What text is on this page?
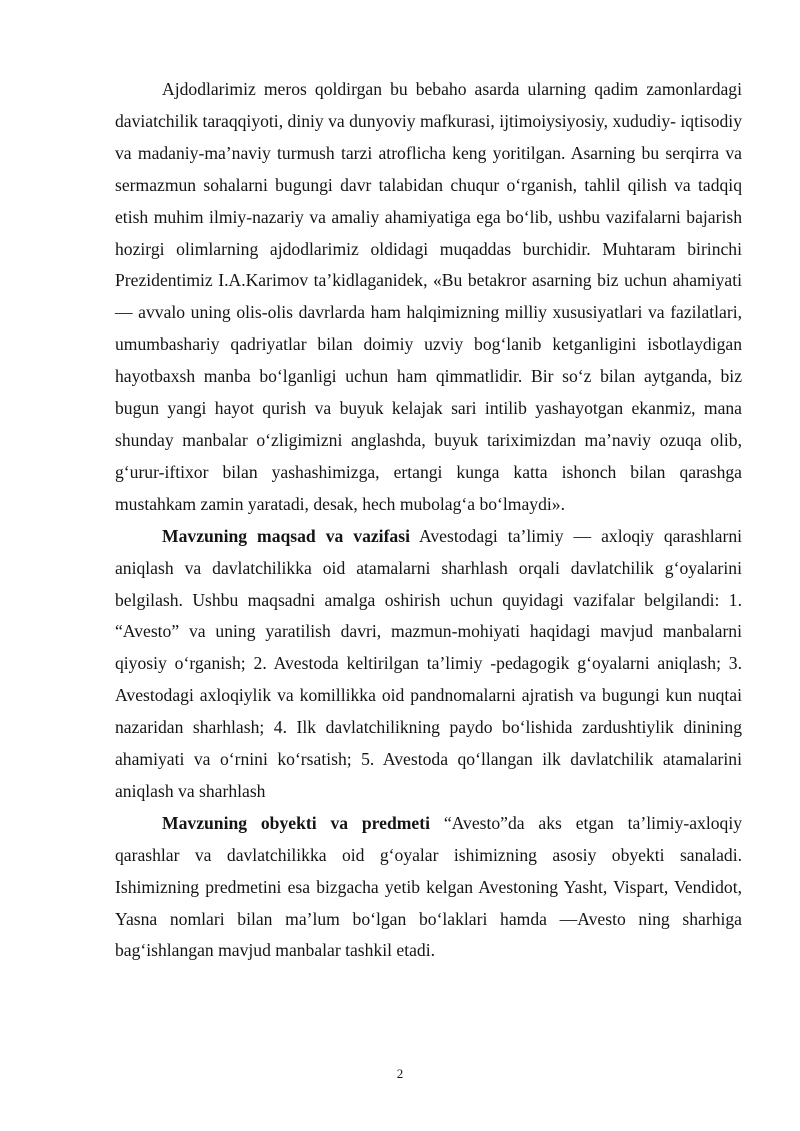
Ajdodlarimiz meros qoldirgan bu bebaho asarda ularning qadim zamonlardagi daviatchilik taraqqiyoti, diniy va dunyoviy mafkurasi, ijtimoiysiyosiy, xududiy- iqtisodiy va madaniy-ma’naviy turmush tarzi atroflicha keng yoritilgan. Asarning bu serqirra va sermazmun sohalarni bugungi davr talabidan chuqur o‘rganish, tahlil qilish va tadqiq etish muhim ilmiy-nazariy va amaliy ahamiyatiga ega bo‘lib, ushbu vazifalarni bajarish hozirgi olimlarning ajdodlarimiz oldidagi muqaddas burchidir. Muhtaram birinchi Prezidentimiz I.A.Karimov ta’kidlaganidek, «Bu betakror asarning biz uchun ahamiyati — avvalo uning olis-olis davrlarda ham halqimizning milliy xususiyatlari va fazilatlari, umumbashariy qadriyatlar bilan doimiy uzviy bog‘lanib ketganligini isbotlaydigan hayotbaxsh manba bo‘lganligi uchun ham qimmatlidir. Bir so‘z bilan aytganda, biz bugun yangi hayot qurish va buyuk kelajak sari intilib yashayotgan ekanmiz, mana shunday manbalar o‘zligimizni anglashda, buyuk tariximizdan ma’naviy ozuqa olib, g‘urur-iftixor bilan yashashimizga, ertangi kunga katta ishonch bilan qarashga mustahkam zamin yaratadi, desak, hech mubolag‘a bo‘lmaydi».

Mavzuning maqsad va vazifasi Avestodagi ta’limiy — axloqiy qarashlarni aniqlash va davlatchilikka oid atamalarni sharhlash orqali davlatchilik g‘oyalarini belgilash. Ushbu maqsadni amalga oshirish uchun quyidagi vazifalar belgilandi: 1. “Avesto” va uning yaratilish davri, mazmun-mohiyati haqidagi mavjud manbalarni qiyosiy o‘rganish; 2. Avestoda keltirilgan ta’limiy -pedagogik g‘oyalarni aniqlash; 3. Avestodagi axloqiylik va komillikka oid pandnomalarni ajratish va bugungi kun nuqtai nazaridan sharhlash; 4. Ilk davlatchilikning paydo bo‘lishida zardushtiylik dinining ahamiyati va o‘rnini ko‘rsatish; 5. Avestoda qo‘llangan ilk davlatchilik atamalarini aniqlash va sharhlash

Mavzuning obyekti va predmeti “Avesto”da aks etgan ta’limiy-axloqiy qarashlar va davlatchilikka oid g‘oyalar ishimizning asosiy obyekti sanaladi. Ishimizning predmetini esa bizgacha yetib kelgan Avestoning Yasht, Vispart, Vendidot, Yasna nomlari bilan ma’lum bo‘lgan bo‘laklari hamda —Avesto ning sharhiga bag‘ishlangan mavjud manbalar tashkil etadi.

2
